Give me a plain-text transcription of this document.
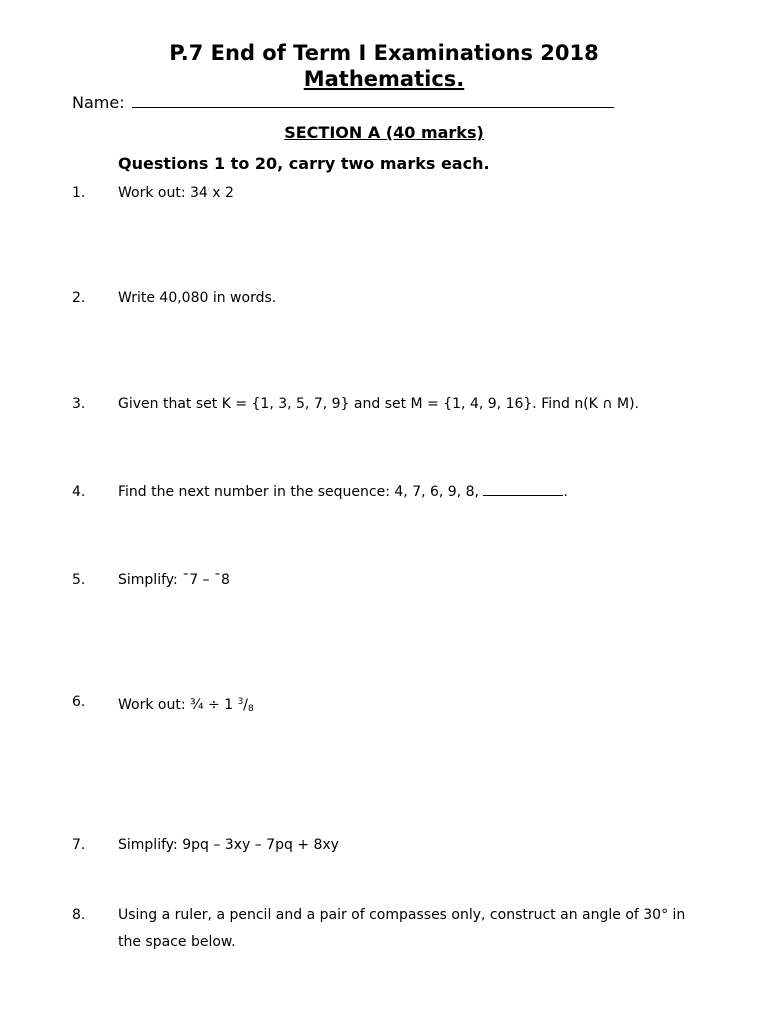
P.7 End of Term I Examinations 2018
Mathematics.
Name:
SECTION A (40 marks)
Questions 1 to 20, carry two marks each.
1. Work out: 34 x 2
2. Write 40,080 in words.
3. Given that set K = {1, 3, 5, 7, 9} and set M = {1, 4, 9, 16}. Find n(K ∩ M).
4. Find the next number in the sequence: 4, 7, 6, 9, 8,	.
5. Simplify: ¯7 – ¯8
6. Work out: ¾ ÷ 1 $^3$/8
7. Simplify: 9pq – 3xy – 7pq + 8xy
8. Using a ruler, a pencil and a pair of compasses only, construct an angle of 30° in the space below.
